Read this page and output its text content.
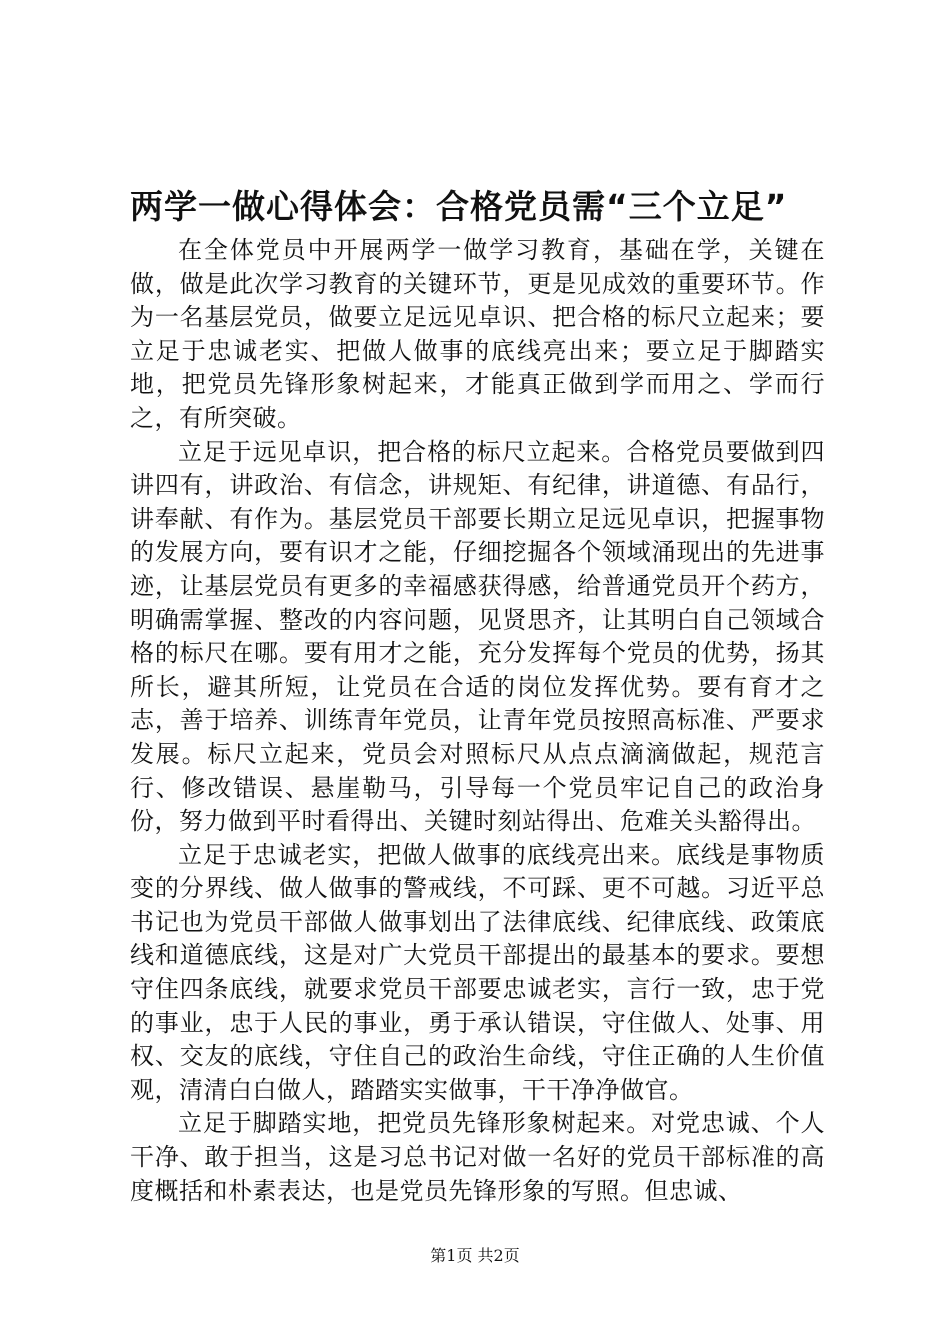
两学一做心得体会：合格党员需“三个立足”

在全体党员中开展两学一做学习教育，基础在学，关键在做，做是此次学习教育的关键环节，更是见成效的重要环节。作为一名基层党员，做要立足远见卓识、把合格的标尺立起来；要立足于忠诚老实、把做人做事的底线亮出来；要立足于脚踏实地，把党员先锋形象树起来，才能真正做到学而用之、学而行之，有所突破。

立足于远见卓识，把合格的标尺立起来。合格党员要做到四讲四有，讲政治、有信念，讲规矩、有纪律，讲道德、有品行，讲奉献、有作为。基层党员干部要长期立足远见卓识，把握事物的发展方向，要有识才之能，仔细挖掘各个领域涌现出的先进事迹，让基层党员有更多的幸福感获得感，给普通党员开个药方，明确需掌握、整改的内容问题，见贤思齐，让其明白自己领域合格的标尺在哪。要有用才之能，充分发挥每个党员的优势，扬其所长，避其所短，让党员在合适的岗位发挥优势。要有育才之志，善于培养、训练青年党员，让青年党员按照高标准、严要求发展。标尺立起来，党员会对照标尺从点点滴滴做起，规范言行、修改错误、悬崖勒马，引导每一个党员牢记自己的政治身份，努力做到平时看得出、关键时刻站得出、危难关头豁得出。

立足于忠诚老实，把做人做事的底线亮出来。底线是事物质变的分界线、做人做事的警戒线，不可踩、更不可越。习近平总书记也为党员干部做人做事划出了法律底线、纪律底线、政策底线和道德底线，这是对广大党员干部提出的最基本的要求。要想守住四条底线，就要求党员干部要忠诚老实，言行一致，忠于党的事业，忠于人民的事业，勇于承认错误，守住做人、处事、用权、交友的底线，守住自己的政治生命线，守住正确的人生价值观，清清白白做人，踏踏实实做事，干干净净做官。

立足于脚踏实地，把党员先锋形象树起来。对党忠诚、个人干净、敢于担当，这是习总书记对做一名好的党员干部标准的高度概括和朴素表达，也是党员先锋形象的写照。但忠诚、

第1页 共2页
